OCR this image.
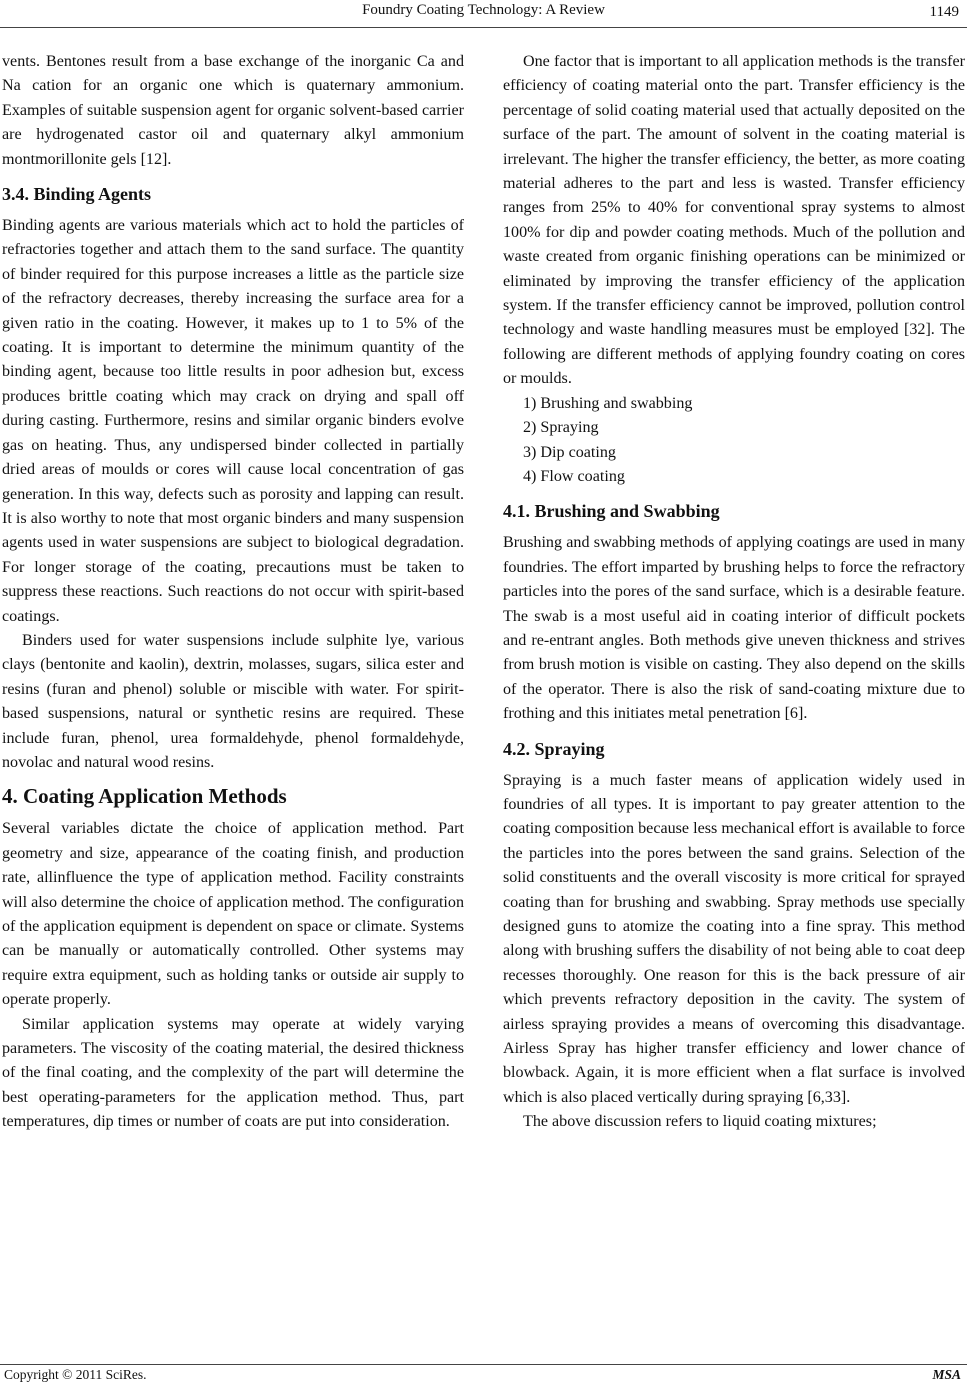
Foundry Coating Technology: A Review	1149

vents. Bentones result from a base exchange of the inorganic Ca and Na cation for an organic one which is quaternary ammonium. Examples of suitable suspension agent for organic solvent-based carrier are hydrogenated castor oil and quaternary alkyl ammonium montmorillonite gels [12].

3.4. Binding Agents

Binding agents are various materials which act to hold the particles of refractories together and attach them to the sand surface. The quantity of binder required for this purpose increases a little as the particle size of the refractory decreases, thereby increasing the surface area for a given ratio in the coating. However, it makes up to 1 to 5% of the coating. It is important to determine the minimum quantity of the binding agent, because too little results in poor adhesion but, excess produces brittle coating which may crack on drying and spall off during casting. Furthermore, resins and similar organic binders evolve gas on heating. Thus, any undispersed binder collected in partially dried areas of moulds or cores will cause local concentration of gas generation. In this way, defects such as porosity and lapping can result. It is also worthy to note that most organic binders and many suspension agents used in water suspensions are subject to biological degradation. For longer storage of the coating, precautions must be taken to suppress these reactions. Such reactions do not occur with spirit-based coatings.

Binders used for water suspensions include sulphite lye, various clays (bentonite and kaolin), dextrin, molasses, sugars, silica ester and resins (furan and phenol) soluble or miscible with water. For spirit-based suspensions, natural or synthetic resins are required. These include furan, phenol, urea formaldehyde, phenol formaldehyde, novolac and natural wood resins.

4. Coating Application Methods

Several variables dictate the choice of application method. Part geometry and size, appearance of the coating finish, and production rate, allinfluence the type of application method. Facility constraints will also determine the choice of application method. The configuration of the application equipment is dependent on space or climate. Systems can be manually or automatically controlled. Other systems may require extra equipment, such as holding tanks or outside air supply to operate properly.

Similar application systems may operate at widely varying parameters. The viscosity of the coating material, the desired thickness of the final coating, and the complexity of the part will determine the best operating-parameters for the application method. Thus, part temperatures, dip times or number of coats are put into consideration.

One factor that is important to all application methods is the transfer efficiency of coating material onto the part. Transfer efficiency is the percentage of solid coating material used that actually deposited on the surface of the part. The amount of solvent in the coating material is irrelevant. The higher the transfer efficiency, the better, as more coating material adheres to the part and less is wasted. Transfer efficiency ranges from 25% to 40% for conventional spray systems to almost 100% for dip and powder coating methods. Much of the pollution and waste created from organic finishing operations can be minimized or eliminated by improving the transfer efficiency of the application system. If the transfer efficiency cannot be improved, pollution control technology and waste handling measures must be employed [32]. The following are different methods of applying foundry coating on cores or moulds.

1) Brushing and swabbing
2) Spraying
3) Dip coating
4) Flow coating
4.1. Brushing and Swabbing

Brushing and swabbing methods of applying coatings are used in many foundries. The effort imparted by brushing helps to force the refractory particles into the pores of the sand surface, which is a desirable feature. The swab is a most useful aid in coating interior of difficult pockets and re-entrant angles. Both methods give uneven thickness and strives from brush motion is visible on casting. They also depend on the skills of the operator. There is also the risk of sand-coating mixture due to frothing and this initiates metal penetration [6].

4.2. Spraying

Spraying is a much faster means of application widely used in foundries of all types. It is important to pay greater attention to the coating composition because less mechanical effort is available to force the particles into the pores between the sand grains. Selection of the solid constituents and the overall viscosity is more critical for sprayed coating than for brushing and swabbing. Spray methods use specially designed guns to atomize the coating into a fine spray. This method along with brushing suffers the disability of not being able to coat deep recesses thoroughly. One reason for this is the back pressure of air which prevents refractory deposition in the cavity. The system of airless spraying provides a means of overcoming this disadvantage. Airless Spray has higher transfer efficiency and lower chance of blowback. Again, it is more efficient when a flat surface is involved which is also placed vertically during spraying [6,33].

The above discussion refers to liquid coating mixtures;

Copyright © 2011 SciRes.	MSA
